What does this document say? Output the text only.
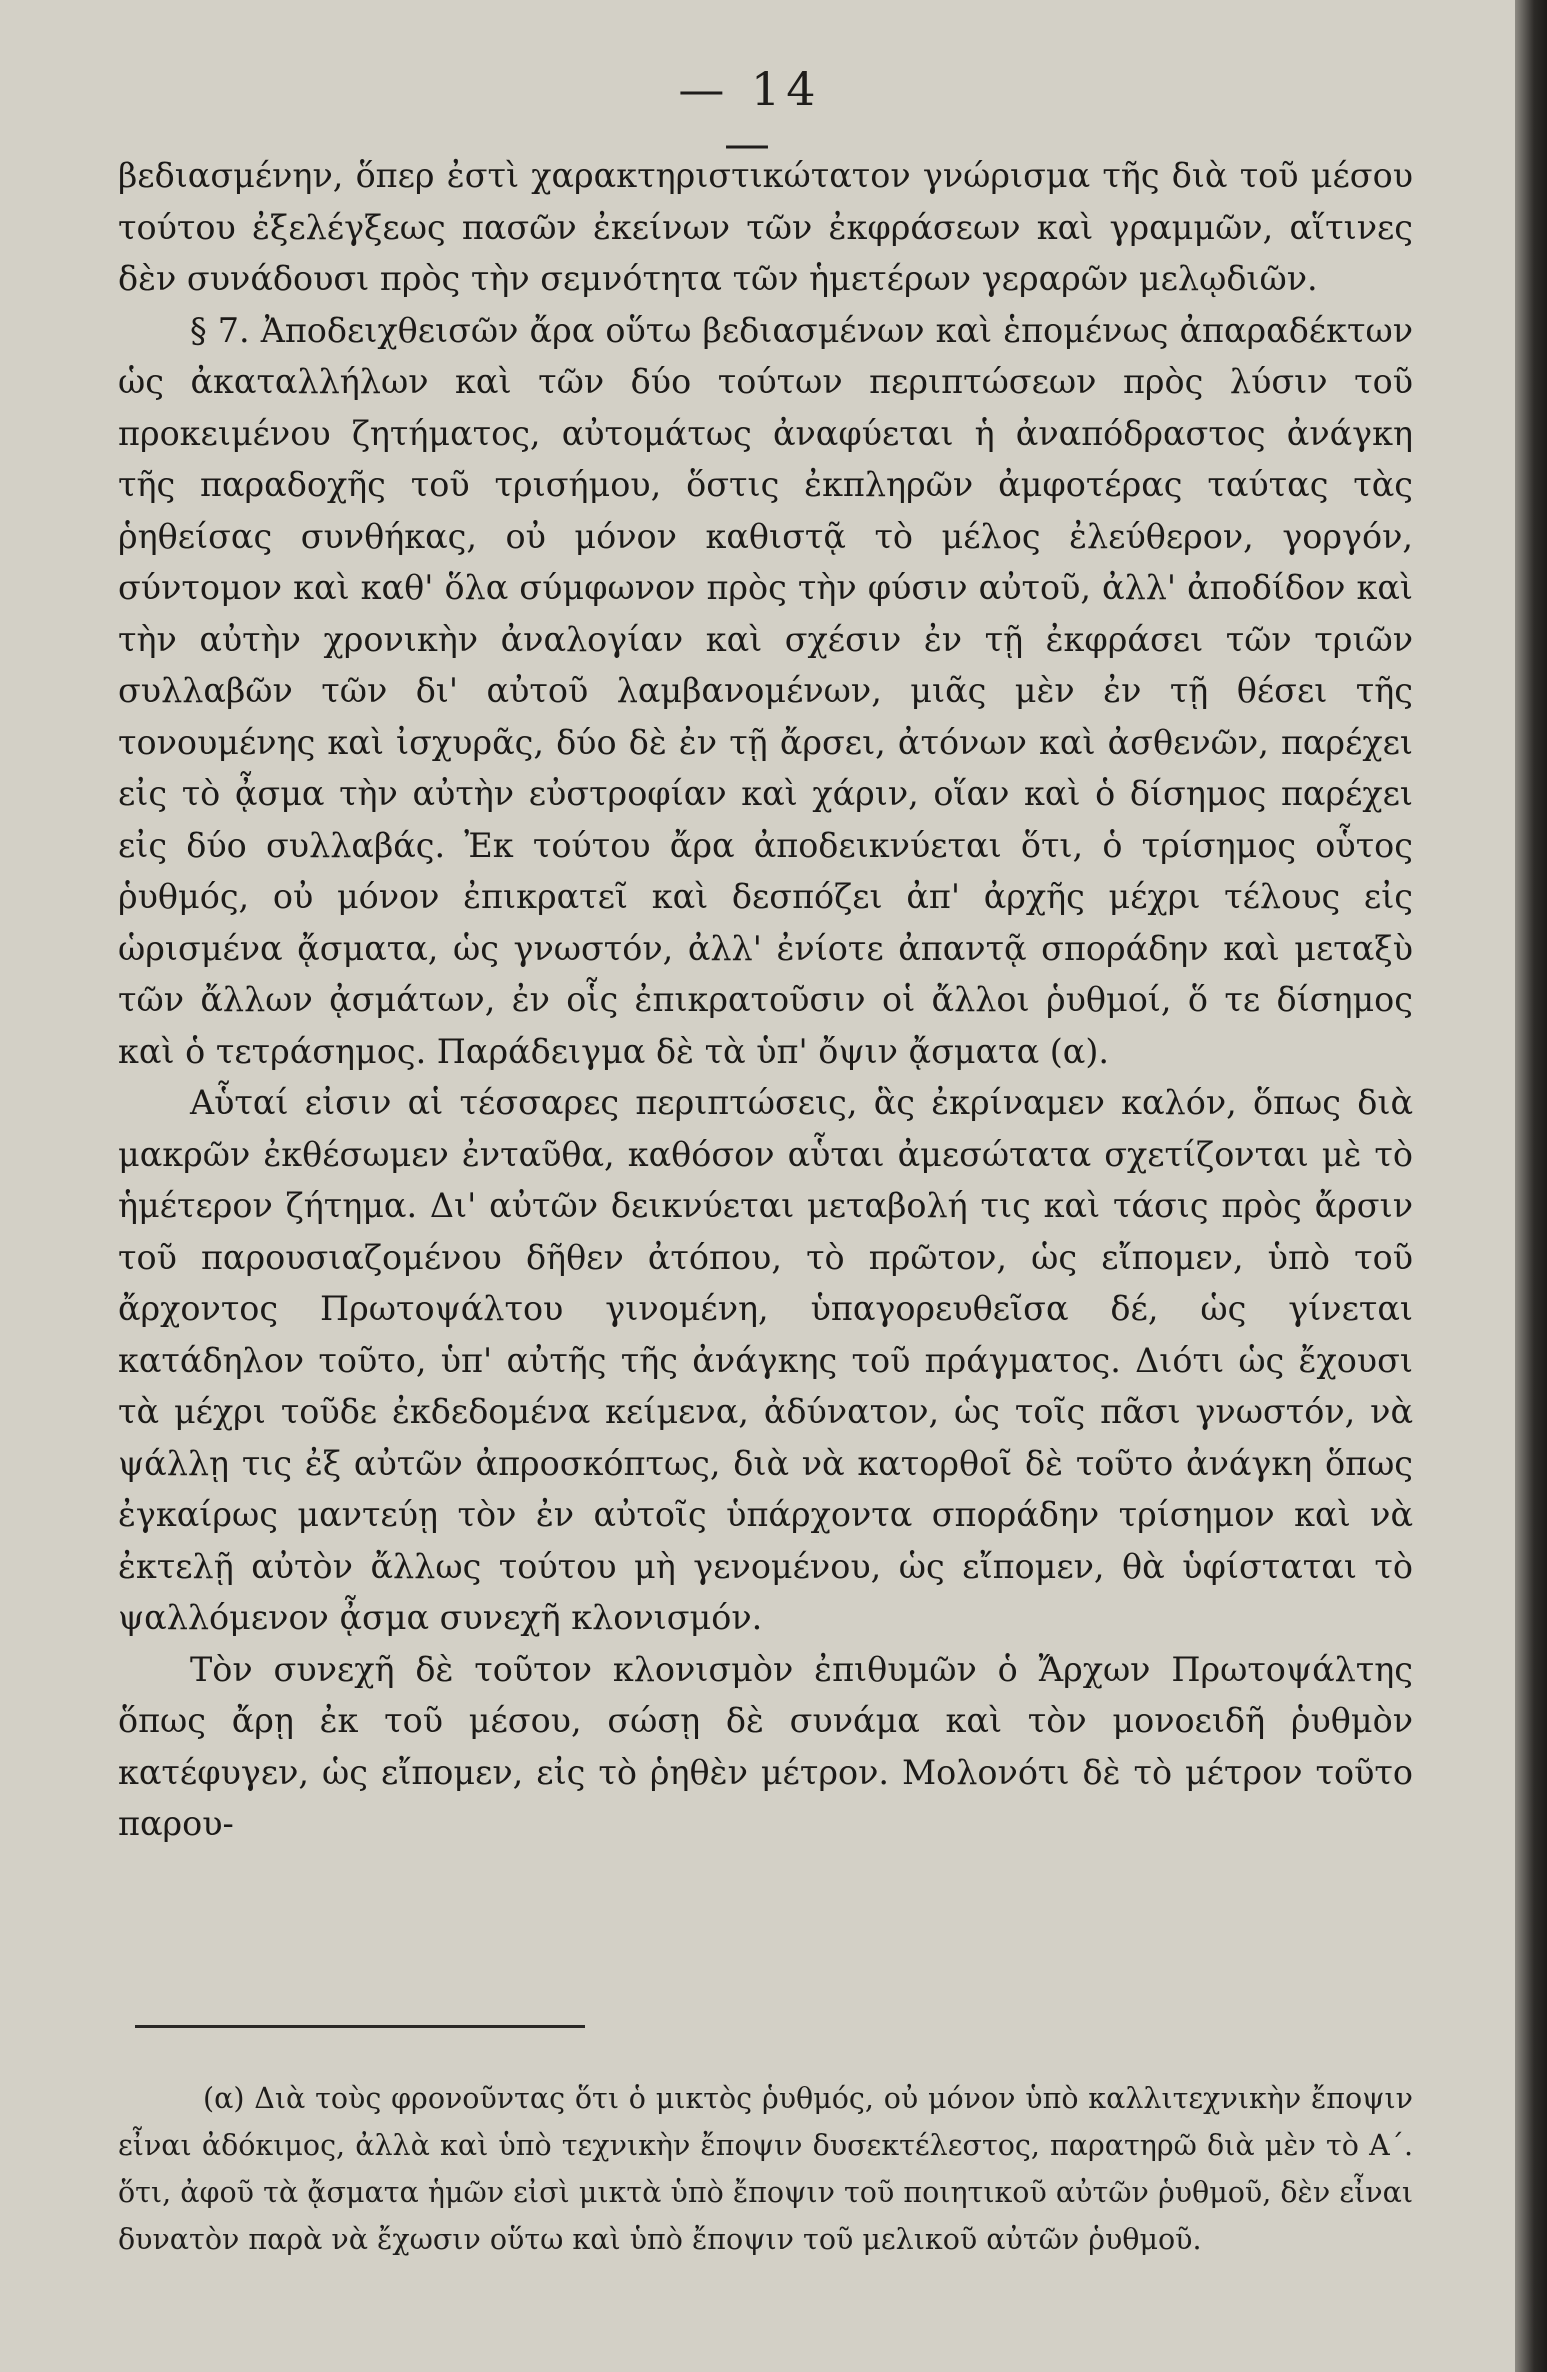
— 14 —

βεδιασμένην, ὅπερ ἐστὶ χαρακτηριστικώτατον γνώρισμα τῆς διὰ τοῦ μέσου τούτου ἐξελέγξεως πασῶν ἐκείνων τῶν ἐκφράσεων καὶ γραμμῶν, αἵτινες δὲν συνάδουσι πρὸς τὴν σεμνότητα τῶν ἡμετέρων γεραρῶν μελῳδιῶν.

§ 7. Ἀποδειχθεισῶν ἄρα οὕτω βεδιασμένων καὶ ἑπομένως ἀπαραδέκτων ὡς ἀκαταλλήλων καὶ τῶν δύο τούτων περιπτώσεων πρὸς λύσιν τοῦ προκειμένου ζητήματος, αὐτομάτως ἀναφύεται ἡ ἀναπόδραστος ἀνάγκη τῆς παραδοχῆς τοῦ τρισήμου, ὅστις ἐκπληρῶν ἀμφοτέρας ταύτας τὰς ῥηθείσας συνθήκας, οὐ μόνον καθιστᾷ τὸ μέλος ἐλεύθερον, γοργόν, σύντομον καὶ καθ' ὅλα σύμφωνον πρὸς τὴν φύσιν αὐτοῦ, ἀλλ' ἀποδίδον καὶ τὴν αὐτὴν χρονικὴν ἀναλογίαν καὶ σχέσιν ἐν τῇ ἐκφράσει τῶν τριῶν συλλαβῶν τῶν δι' αὐτοῦ λαμβανομένων, μιᾶς μὲν ἐν τῇ θέσει τῆς τονουμένης καὶ ἰσχυρᾶς, δύο δὲ ἐν τῇ ἄρσει, ἀτόνων καὶ ἀσθενῶν, παρέχει εἰς τὸ ᾆσμα τὴν αὐτὴν εὐστροφίαν καὶ χάριν, οἵαν καὶ ὁ δίσημος παρέχει εἰς δύο συλλαβάς. Ἐκ τούτου ἄρα ἀποδεικνύεται ὅτι, ὁ τρίσημος οὗτος ῥυθμός, οὐ μόνον ἐπικρατεῖ καὶ δεσπόζει ἀπ' ἀρχῆς μέχρι τέλους εἰς ὡρισμένα ᾄσματα, ὡς γνωστόν, ἀλλ' ἐνίοτε ἀπαντᾷ σποράδην καὶ μεταξὺ τῶν ἄλλων ᾀσμάτων, ἐν οἷς ἐπικρατοῦσιν οἱ ἄλλοι ῥυθμοί, ὅ τε δίσημος καὶ ὁ τετράσημος. Παράδειγμα δὲ τὰ ὑπ' ὄψιν ᾄσματα (α).

Αὗταί εἰσιν αἱ τέσσαρες περιπτώσεις, ἃς ἐκρίναμεν καλόν, ὅπως διὰ μακρῶν ἐκθέσωμεν ἐνταῦθα, καθόσον αὗται ἀμεσώτατα σχετίζονται μὲ τὸ ἡμέτερον ζήτημα. Δι' αὐτῶν δεικνύεται μεταβολή τις καὶ τάσις πρὸς ἄρσιν τοῦ παρουσιαζομένου δῆθεν ἀτόπου, τὸ πρῶτον, ὡς εἴπομεν, ὑπὸ τοῦ ἄρχοντος Πρωτοψάλτου γινομένη, ὑπαγορευθεῖσα δέ, ὡς γίνεται κατάδηλον τοῦτο, ὑπ' αὐτῆς τῆς ἀνάγκης τοῦ πράγματος. Διότι ὡς ἔχουσι τὰ μέχρι τοῦδε ἐκδεδομένα κείμενα, ἀδύνατον, ὡς τοῖς πᾶσι γνωστόν, νὰ ψάλλῃ τις ἐξ αὐτῶν ἀπροσκόπτως, διὰ νὰ κατορθοῖ δὲ τοῦτο ἀνάγκη ὅπως ἐγκαίρως μαντεύῃ τὸν ἐν αὐτοῖς ὑπάρχοντα σποράδην τρίσημον καὶ νὰ ἐκτελῇ αὐτὸν ἄλλως τούτου μὴ γενομένου, ὡς εἴπομεν, θὰ ὑφίσταται τὸ ψαλλόμενον ᾆσμα συνεχῆ κλονισμόν.

Τὸν συνεχῆ δὲ τοῦτον κλονισμὸν ἐπιθυμῶν ὁ Ἄρχων Πρωτοψάλτης ὅπως ἄρῃ ἐκ τοῦ μέσου, σώσῃ δὲ συνάμα καὶ τὸν μονοειδῆ ῥυθμὸν κατέφυγεν, ὡς εἴπομεν, εἰς τὸ ῥηθὲν μέτρον. Μολονότι δὲ τὸ μέτρον τοῦτο παρου-

(α) Διὰ τοὺς φρονοῦντας ὅτι ὁ μικτὸς ῥυθμός, οὐ μόνον ὑπὸ καλλιτεχνικὴν ἔποψιν εἶναι ἀδόκιμος, ἀλλὰ καὶ ὑπὸ τεχνικὴν ἔποψιν δυσεκτέλεστος, παρατηρῶ διὰ μὲν τὸ Α΄. ὅτι, ἀφοῦ τὰ ᾄσματα ἡμῶν εἰσὶ μικτὰ ὑπὸ ἔποψιν τοῦ ποιητικοῦ αὐτῶν ῥυθμοῦ, δὲν εἶναι δυνατὸν παρὰ νὰ ἔχωσιν οὕτω καὶ ὑπὸ ἔποψιν τοῦ μελικοῦ αὐτῶν ῥυθμοῦ.
